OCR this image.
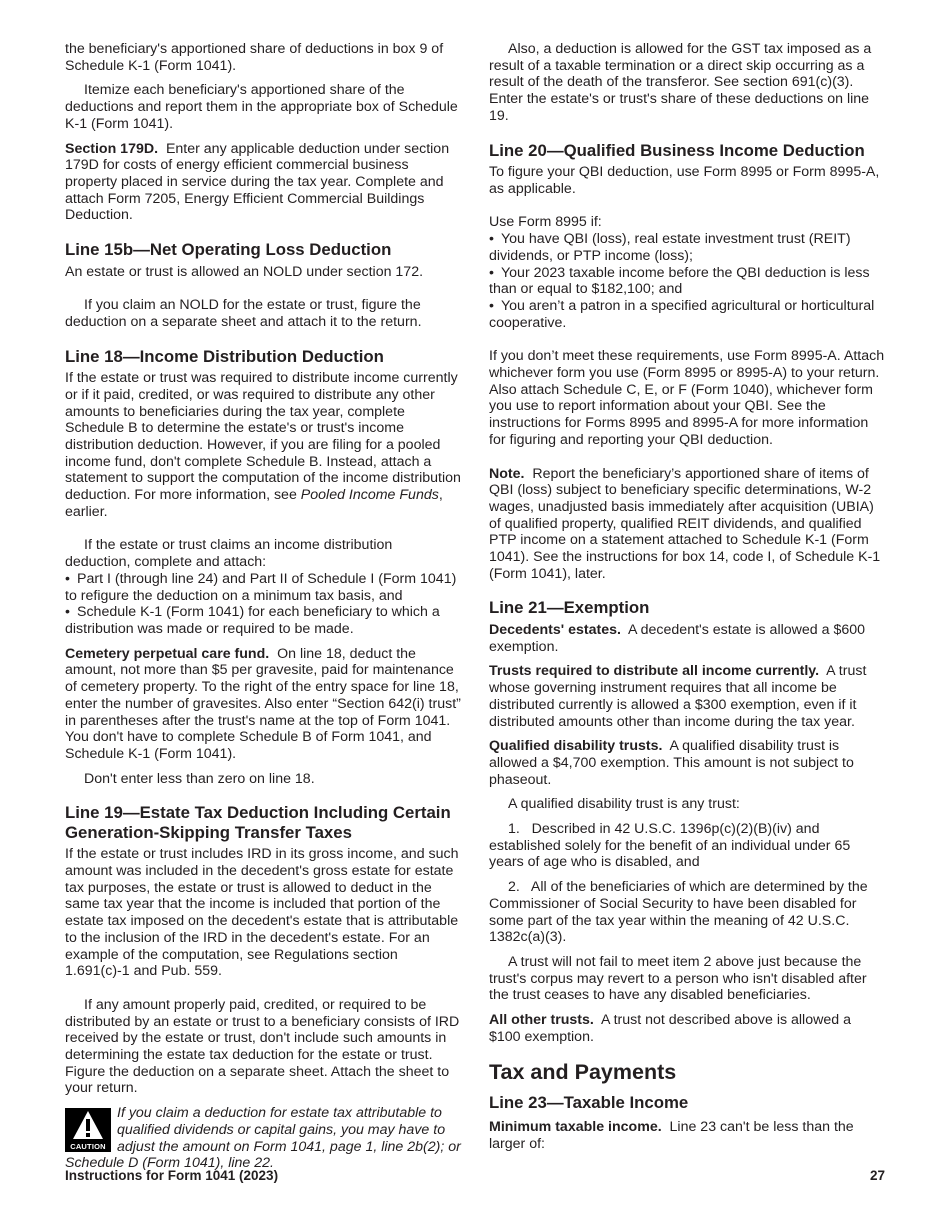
the beneficiary's apportioned share of deductions in box 9 of Schedule K-1 (Form 1041).

Itemize each beneficiary's apportioned share of the deductions and report them in the appropriate box of Schedule K-1 (Form 1041).

Section 179D. Enter any applicable deduction under section 179D for costs of energy efficient commercial business property placed in service during the tax year. Complete and attach Form 7205, Energy Efficient Commercial Buildings Deduction.

Line 15b—Net Operating Loss Deduction

An estate or trust is allowed an NOLD under section 172.

If you claim an NOLD for the estate or trust, figure the deduction on a separate sheet and attach it to the return.

Line 18—Income Distribution Deduction

If the estate or trust was required to distribute income currently or if it paid, credited, or was required to distribute any other amounts to beneficiaries during the tax year, complete Schedule B to determine the estate's or trust's income distribution deduction. However, if you are filing for a pooled income fund, don't complete Schedule B. Instead, attach a statement to support the computation of the income distribution deduction. For more information, see Pooled Income Funds, earlier.

If the estate or trust claims an income distribution deduction, complete and attach:

• Part I (through line 24) and Part II of Schedule I (Form 1041) to refigure the deduction on a minimum tax basis, and

• Schedule K-1 (Form 1041) for each beneficiary to which a distribution was made or required to be made.

Cemetery perpetual care fund. On line 18, deduct the amount, not more than $5 per gravesite, paid for maintenance of cemetery property. To the right of the entry space for line 18, enter the number of gravesites. Also enter “Section 642(i) trust” in parentheses after the trust's name at the top of Form 1041. You don't have to complete Schedule B of Form 1041, and Schedule K-1 (Form 1041).

Don't enter less than zero on line 18.

Line 19—Estate Tax Deduction Including Certain Generation-Skipping Transfer Taxes

If the estate or trust includes IRD in its gross income, and such amount was included in the decedent's gross estate for estate tax purposes, the estate or trust is allowed to deduct in the same tax year that the income is included that portion of the estate tax imposed on the decedent's estate that is attributable to the inclusion of the IRD in the decedent's estate. For an example of the computation, see Regulations section 1.691(c)-1 and Pub. 559.

If any amount properly paid, credited, or required to be distributed by an estate or trust to a beneficiary consists of IRD received by the estate or trust, don't include such amounts in determining the estate tax deduction for the estate or trust. Figure the deduction on a separate sheet. Attach the sheet to your return.

CAUTION
If you claim a deduction for estate tax attributable to qualified dividends or capital gains, you may have to adjust the amount on Form 1041, page 1, line 2b(2); or Schedule D (Form 1041), line 22.

Also, a deduction is allowed for the GST tax imposed as a result of a taxable termination or a direct skip occurring as a result of the death of the transferor. See section 691(c)(3). Enter the estate's or trust's share of these deductions on line 19.

Line 20—Qualified Business Income Deduction

To figure your QBI deduction, use Form 8995 or Form 8995-A, as applicable.

Use Form 8995 if:

• You have QBI (loss), real estate investment trust (REIT) dividends, or PTP income (loss);

• Your 2023 taxable income before the QBI deduction is less than or equal to $182,100; and

• You aren’t a patron in a specified agricultural or horticultural cooperative.

If you don’t meet these requirements, use Form 8995-A. Attach whichever form you use (Form 8995 or 8995-A) to your return. Also attach Schedule C, E, or F (Form 1040), whichever form you use to report information about your QBI. See the instructions for Forms 8995 and 8995-A for more information for figuring and reporting your QBI deduction.

Note. Report the beneficiary’s apportioned share of items of QBI (loss) subject to beneficiary specific determinations, W-2 wages, unadjusted basis immediately after acquisition (UBIA) of qualified property, qualified REIT dividends, and qualified PTP income on a statement attached to Schedule K-1 (Form 1041). See the instructions for box 14, code I, of Schedule K-1 (Form 1041), later.

Line 21—Exemption

Decedents' estates. A decedent's estate is allowed a $600 exemption.

Trusts required to distribute all income currently. A trust whose governing instrument requires that all income be distributed currently is allowed a $300 exemption, even if it distributed amounts other than income during the tax year.

Qualified disability trusts. A qualified disability trust is allowed a $4,700 exemption. This amount is not subject to phaseout.

A qualified disability trust is any trust:

1.   Described in 42 U.S.C. 1396p(c)(2)(B)(iv) and established solely for the benefit of an individual under 65 years of age who is disabled, and

2.   All of the beneficiaries of which are determined by the Commissioner of Social Security to have been disabled for some part of the tax year within the meaning of 42 U.S.C. 1382c(a)(3).

A trust will not fail to meet item 2 above just because the trust's corpus may revert to a person who isn't disabled after the trust ceases to have any disabled beneficiaries.

All other trusts. A trust not described above is allowed a $100 exemption.

Tax and Payments
Line 23—Taxable Income

Minimum taxable income. Line 23 can't be less than the larger of:

Instructions for Form 1041 (2023)	27
